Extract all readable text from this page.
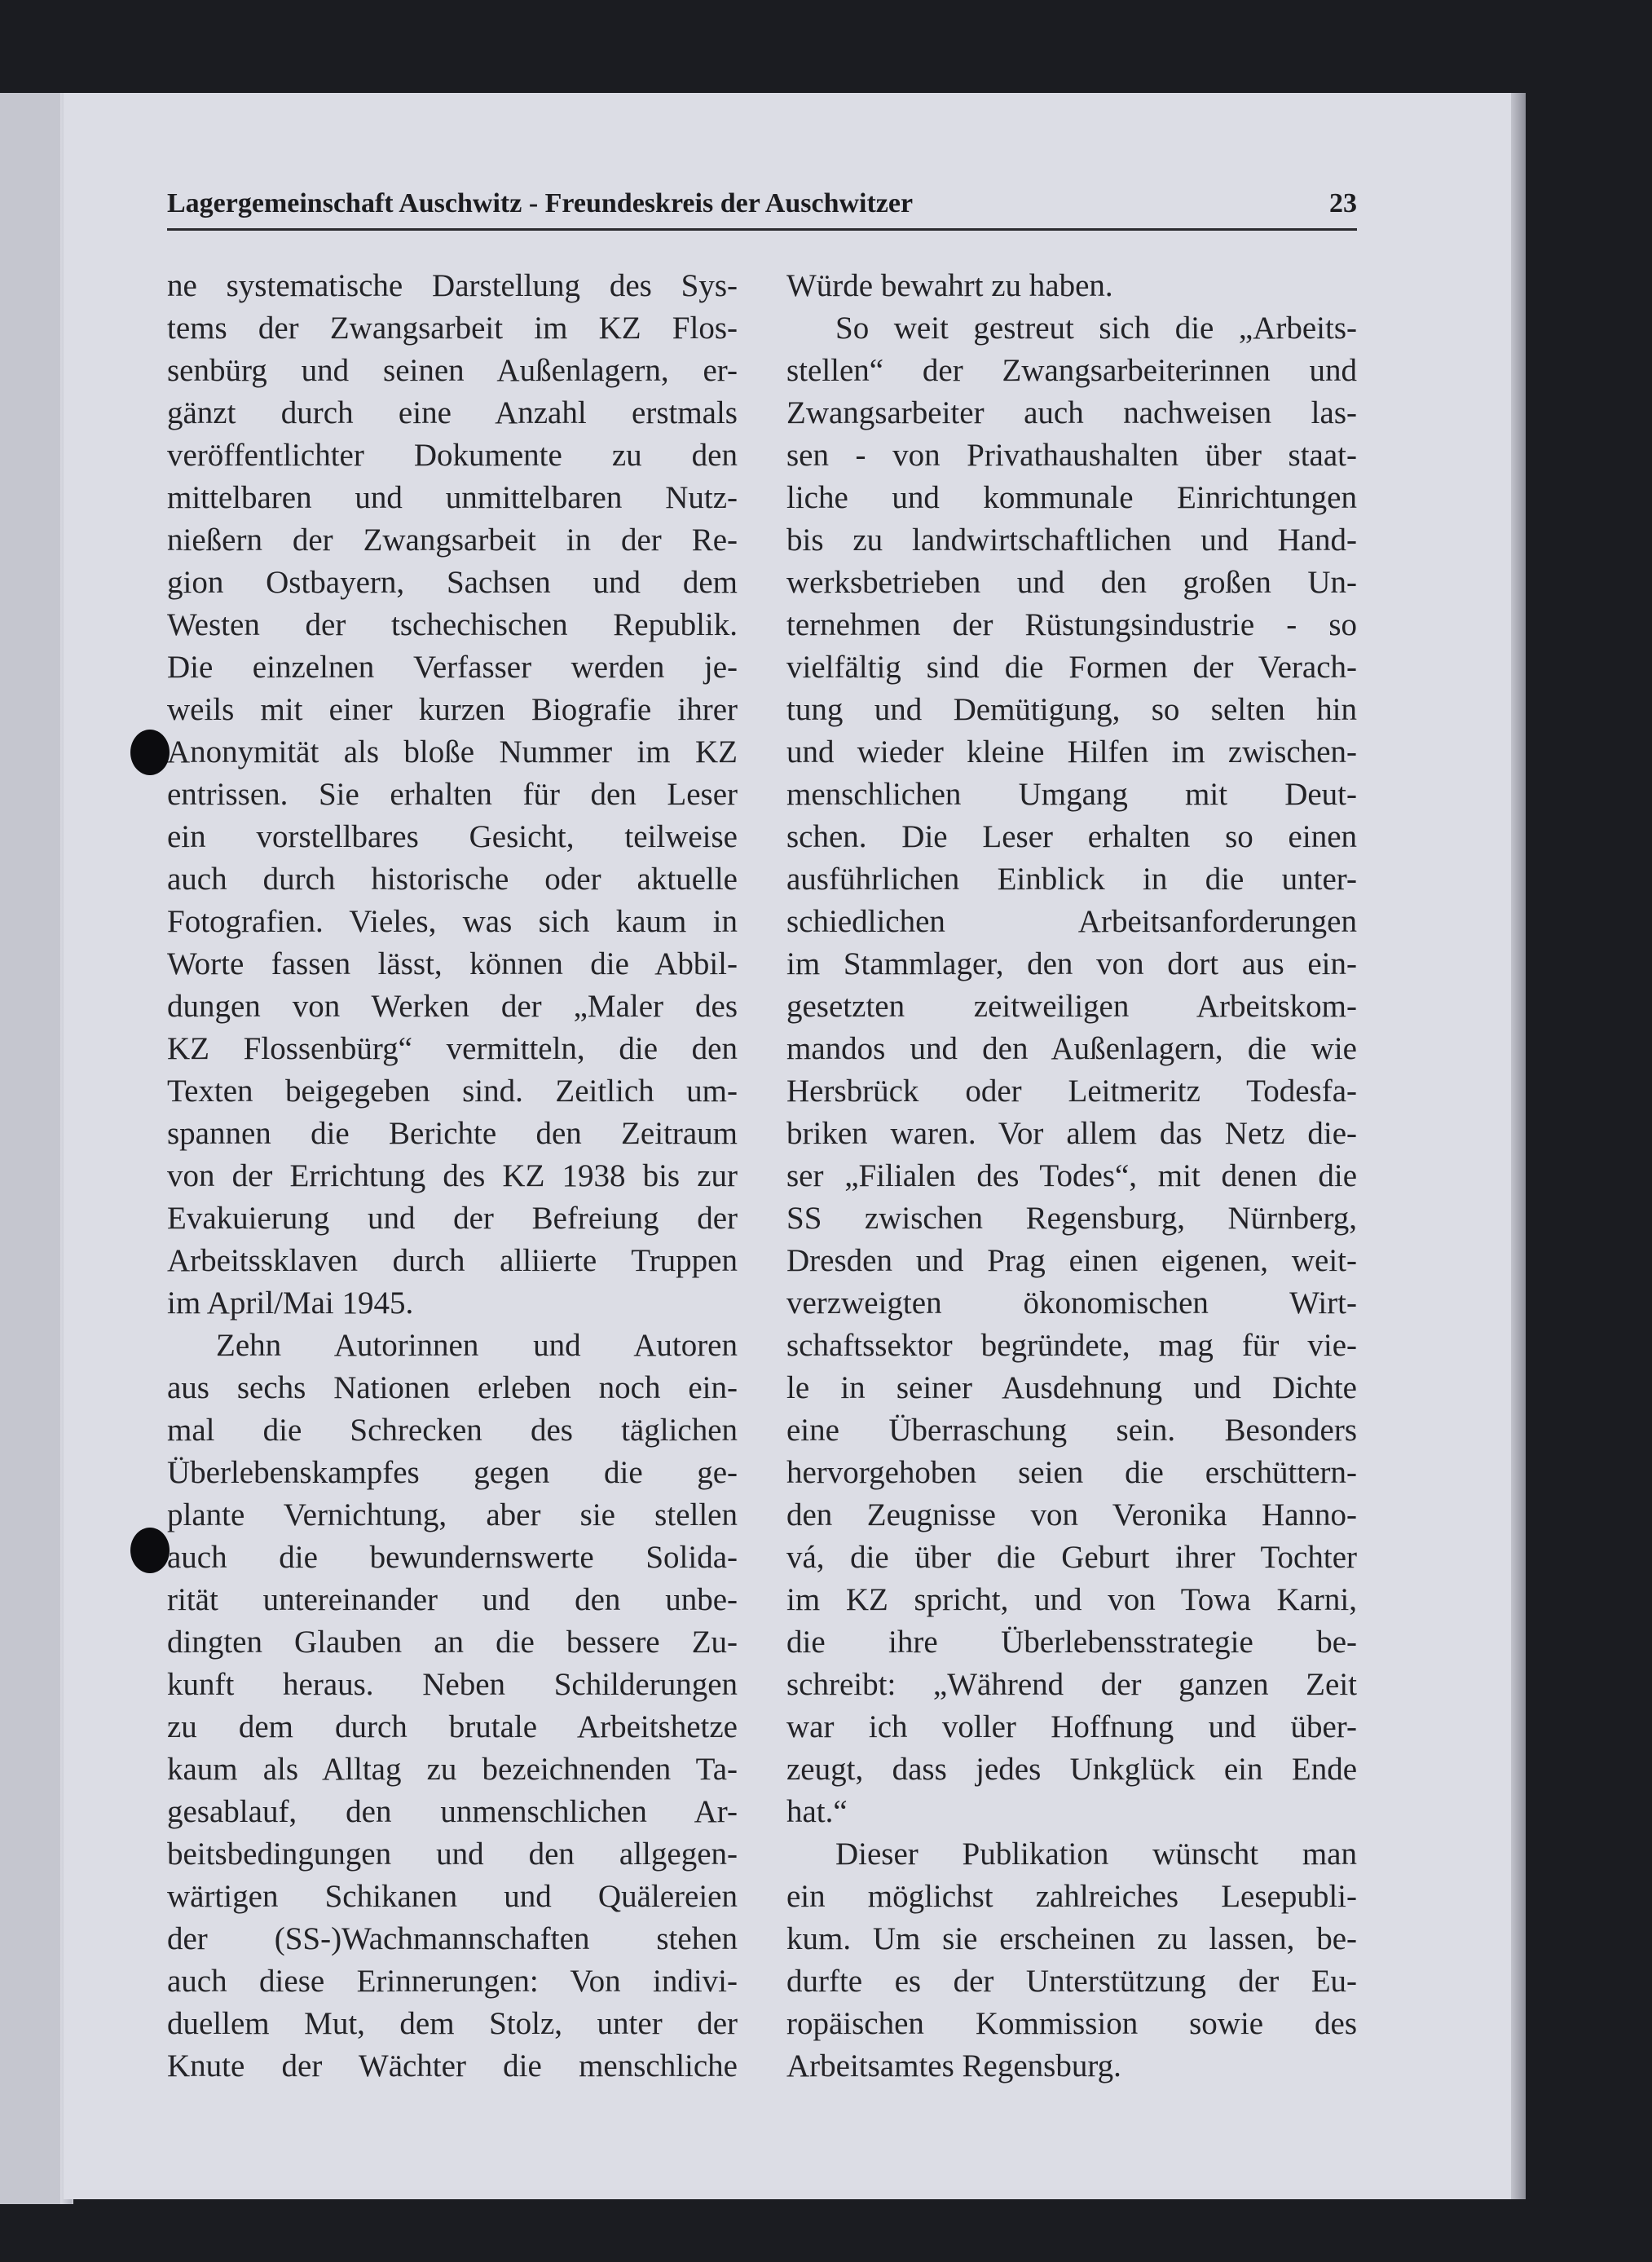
Lagergemeinschaft Auschwitz - Freundeskreis der Auschwitzer	23
ne systematische Darstellung des Sys-
tems der Zwangsarbeit im KZ Flos-
senbürg und seinen Außenlagern, er-
gänzt durch eine Anzahl erstmals
veröffentlichter Dokumente zu den
mittelbaren und unmittelbaren Nutz-
nießern der Zwangsarbeit in der Re-
gion Ostbayern, Sachsen und dem
Westen der tschechischen Republik.
Die einzelnen Verfasser werden je-
weils mit einer kurzen Biografie ihrer
Anonymität als bloße Nummer im KZ
entrissen. Sie erhalten für den Leser
ein vorstellbares Gesicht, teilweise
auch durch historische oder aktuelle
Fotografien. Vieles, was sich kaum in
Worte fassen lässt, können die Abbil-
dungen von Werken der „Maler des
KZ Flossenbürg“ vermitteln, die den
Texten beigegeben sind. Zeitlich um-
spannen die Berichte den Zeitraum
von der Errichtung des KZ 1938 bis zur
Evakuierung und der Befreiung der
Arbeitssklaven durch alliierte Truppen
im April/Mai 1945.
Zehn Autorinnen und Autoren
aus sechs Nationen erleben noch ein-
mal die Schrecken des täglichen
Überlebenskampfes gegen die ge-
plante Vernichtung, aber sie stellen
auch die bewundernswerte Solida-
rität untereinander und den unbe-
dingten Glauben an die bessere Zu-
kunft heraus. Neben Schilderungen
zu dem durch brutale Arbeitshetze
kaum als Alltag zu bezeichnenden Ta-
gesablauf, den unmenschlichen Ar-
beitsbedingungen und den allgegen-
wärtigen Schikanen und Quälereien
der (SS-)Wachmannschaften stehen
auch diese Erinnerungen: Von indivi-
duellem Mut, dem Stolz, unter der
Knute der Wächter die menschliche
Würde bewahrt zu haben.
So weit gestreut sich die „Arbeits-
stellen“ der Zwangsarbeiterinnen und
Zwangsarbeiter auch nachweisen las-
sen - von Privathaushalten über staat-
liche und kommunale Einrichtungen
bis zu landwirtschaftlichen und Hand-
werksbetrieben und den großen Un-
ternehmen der Rüstungsindustrie - so
vielfältig sind die Formen der Verach-
tung und Demütigung, so selten hin
und wieder kleine Hilfen im zwischen-
menschlichen Umgang mit Deut-
schen. Die Leser erhalten so einen
ausführlichen Einblick in die unter-
schiedlichen Arbeitsanforderungen
im Stammlager, den von dort aus ein-
gesetzten zeitweiligen Arbeitskom-
mandos und den Außenlagern, die wie
Hersbrück oder Leitmeritz Todesfa-
briken waren. Vor allem das Netz die-
ser „Filialen des Todes“, mit denen die
SS zwischen Regensburg, Nürnberg,
Dresden und Prag einen eigenen, weit-
verzweigten ökonomischen Wirt-
schaftssektor begründete, mag für vie-
le in seiner Ausdehnung und Dichte
eine Überraschung sein. Besonders
hervorgehoben seien die erschüttern-
den Zeugnisse von Veronika Hanno-
vá, die über die Geburt ihrer Tochter
im KZ spricht, und von Towa Karni,
die ihre Überlebensstrategie be-
schreibt: „Während der ganzen Zeit
war ich voller Hoffnung und über-
zeugt, dass jedes Unkglück ein Ende
hat.“
Dieser Publikation wünscht man
ein möglichst zahlreiches Lesepubli-
kum. Um sie erscheinen zu lassen, be-
durfte es der Unterstützung der Eu-
ropäischen Kommission sowie des
Arbeitsamtes Regensburg.
